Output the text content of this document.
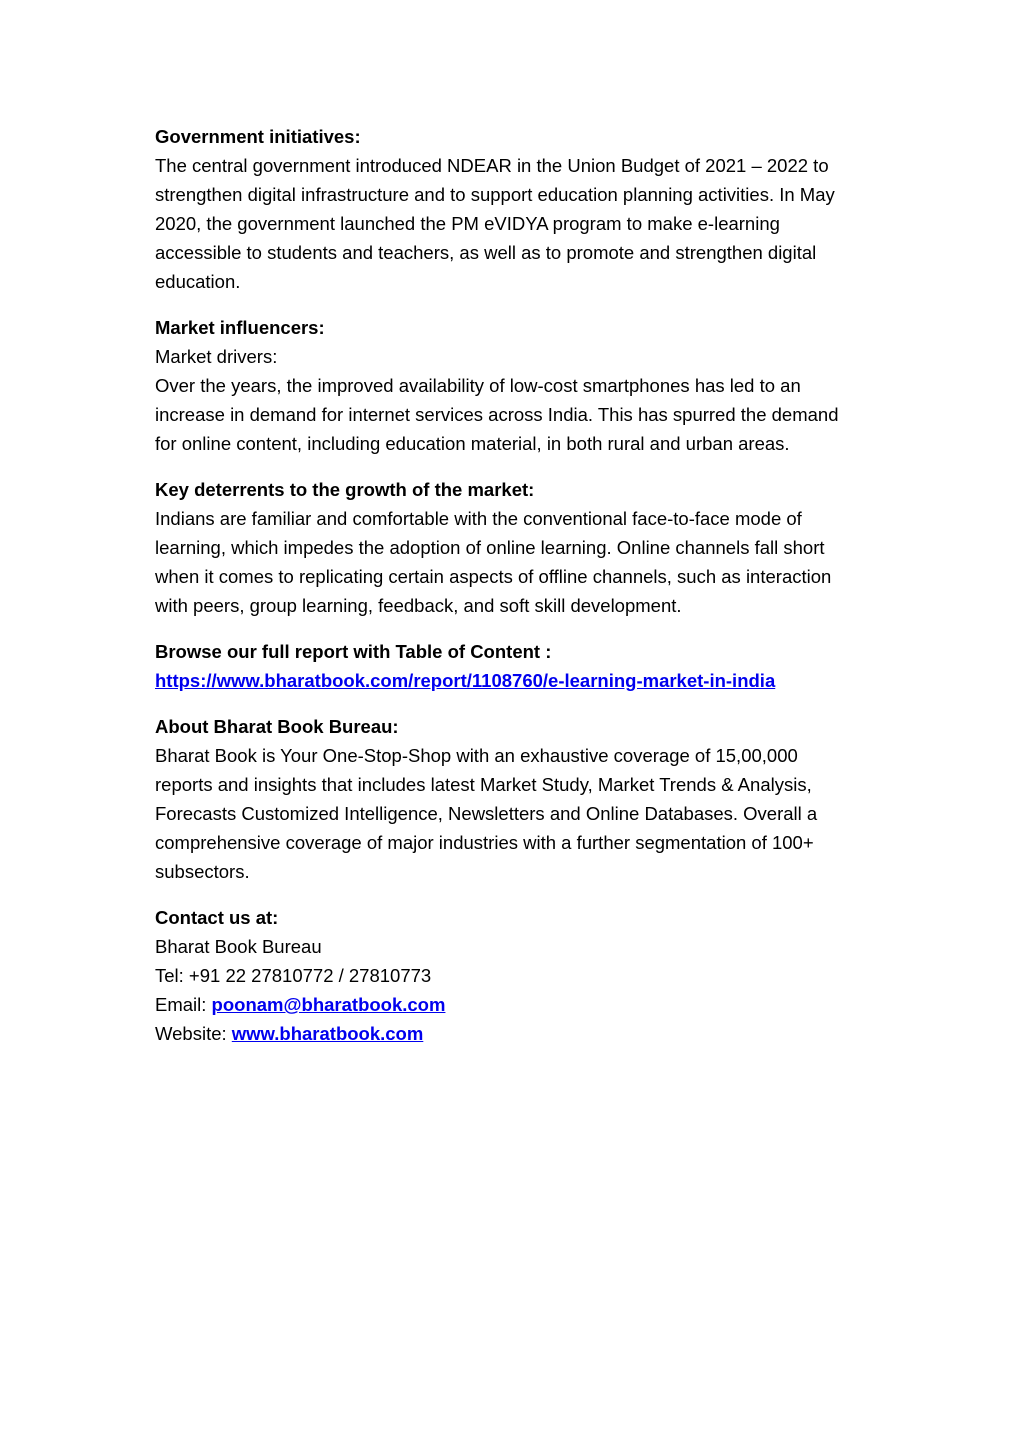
Government initiatives:
The central government introduced NDEAR in the Union Budget of 2021 – 2022 to
strengthen digital infrastructure and to support education planning activities. In May
2020, the government launched the PM eVIDYA program to make e-learning
accessible to students and teachers, as well as to promote and strengthen digital
education.
Market influencers:
Market drivers:
Over the years, the improved availability of low-cost smartphones has led to an
increase in demand for internet services across India. This has spurred the demand
for online content, including education material, in both rural and urban areas.
Key deterrents to the growth of the market:
Indians are familiar and comfortable with the conventional face-to-face mode of
learning, which impedes the adoption of online learning. Online channels fall short
when it comes to replicating certain aspects of offline channels, such as interaction
with peers, group learning, feedback, and soft skill development.
Browse our full report with Table of Content :
https://www.bharatbook.com/report/1108760/e-learning-market-in-india
About Bharat Book Bureau:
Bharat Book is Your One-Stop-Shop with an exhaustive coverage of 15,00,000
reports and insights that includes latest Market Study, Market Trends & Analysis,
Forecasts Customized Intelligence, Newsletters and Online Databases. Overall a
comprehensive coverage of major industries with a further segmentation of 100+
subsectors.
Contact us at:
Bharat Book Bureau
Tel: +91 22 27810772 / 27810773
Email: poonam@bharatbook.com
Website: www.bharatbook.com
